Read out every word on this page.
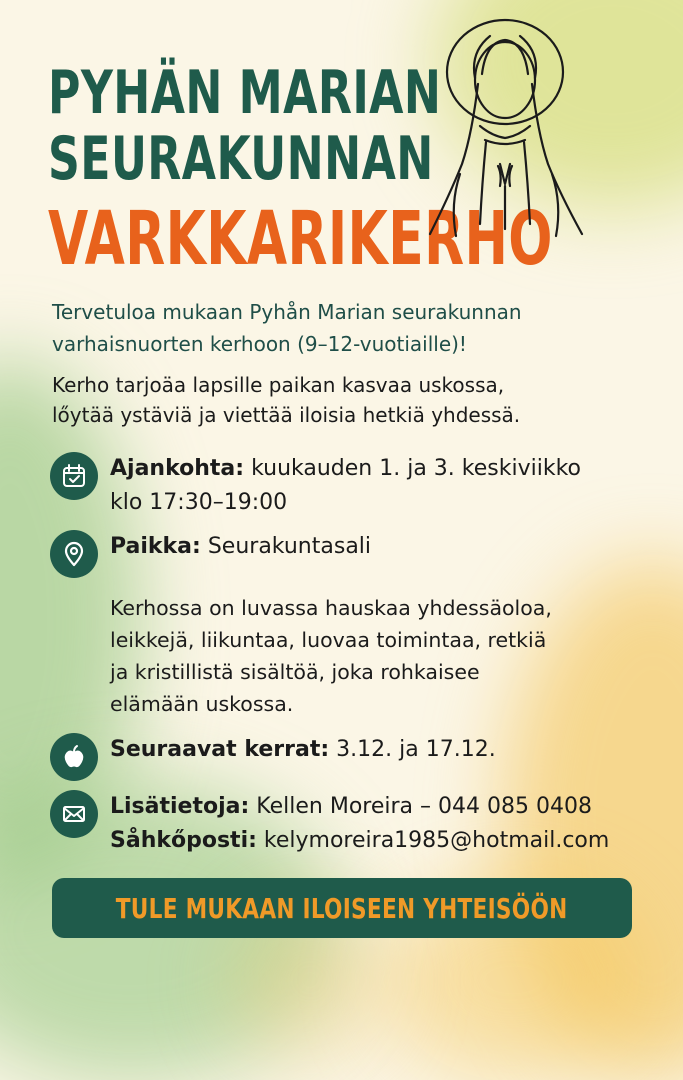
PYHÄN MARIAN
SEURAKUNNAN
VARKKARIKERHO

Tervetuloa mukaan Pyhån Marian seurakunnan
varhaisnuorten kerhoon (9–12-vuotiaille)!

Kerho tarjoäa lapsille paikan kasvaa uskossa,
lőytää ystäviä ja viettää iloisia hetkiä yhdessä.

Ajankohta: kuukauden 1. ja 3. keskiviikko
klo 17:30–19:00

Paikka: Seurakuntasali

Kerhossa on luvassa hauskaa yhdessäoloa,
leikkejä, liikuntaa, luovaa toimintaa, retkiä
ja kristillistä sisältöä, joka rohkaisee
elämään uskossa.

Seuraavat kerrat: 3.12. ja 17.12.

Lisätietoja: Kellen Moreira – 044 085 0408
Såhkőposti: kelymoreira1985@hotmail.com

TULE MUKAAN ILOISEEN YHTEISÖÖN
